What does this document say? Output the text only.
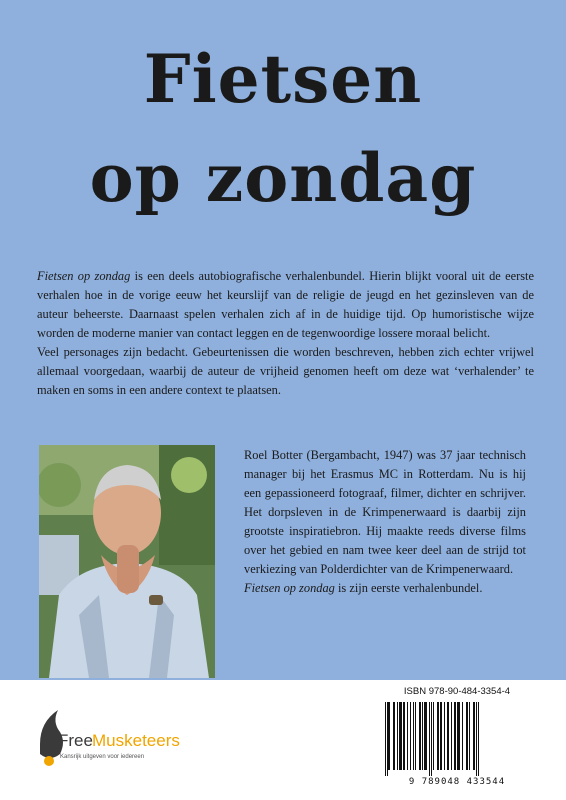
Fietsen
op zondag

Fietsen op zondag is een deels autobiografische verhalenbundel. Hierin blijkt vooral uit de eerste verhalen hoe in de vorige eeuw het keurslijf van de religie de jeugd en het gezinsleven van de auteur beheerste. Daarnaast spelen verhalen zich af in de huidige tijd. Op humoristische wijze worden de moderne manier van contact leggen en de tegenwoordige lossere moraal belicht.

Veel personages zijn bedacht. Gebeurtenissen die worden beschreven, hebben zich echter vrijwel allemaal voorgedaan, waarbij de auteur de vrijheid genomen heeft om deze wat ‘verhalender’ te maken en soms in een andere context te plaatsen.

Roel Botter (Bergambacht, 1947) was 37 jaar technisch manager bij het Erasmus MC in Rotterdam. Nu is hij een gepassioneerd fotograaf, filmer, dichter en schrijver. Het dorpsleven in de Krimpenerwaard is daarbij zijn grootste inspiratiebron. Hij maakte reeds diverse films over het gebied en nam twee keer deel aan de strijd tot verkiezing van Polderdichter van de Krimpenerwaard.

Fietsen op zondag is zijn eerste verhalenbundel.

Free Musketeers
Kansrijk uitgeven voor iedereen
ISBN 978-90-484-3354-4
9 789048 433544
